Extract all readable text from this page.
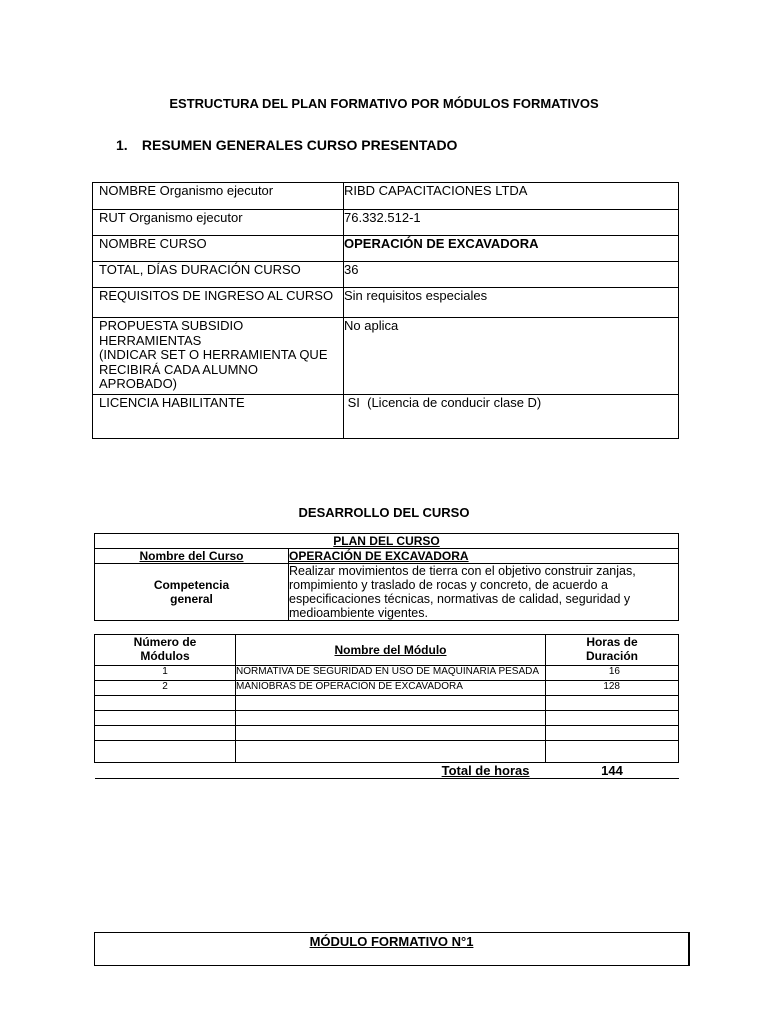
ESTRUCTURA DEL PLAN FORMATIVO POR MÓDULOS FORMATIVOS
1. RESUMEN GENERALES CURSO PRESENTADO
NOMBRE Organismo ejecutor	RIBD CAPACITACIONES LTDA
RUT Organismo ejecutor	76.332.512-1
NOMBRE CURSO	OPERACIÓN DE EXCAVADORA
TOTAL, DÍAS DURACIÓN CURSO	36
REQUISITOS DE INGRESO AL CURSO	Sin requisitos especiales
PROPUESTA SUBSIDIO HERRAMIENTAS
(INDICAR SET O HERRAMIENTA QUE RECIBIRÁ CADA ALUMNO APROBADO)	No aplica
LICENCIA HABILITANTE	SI  (Licencia de conducir clase D)
DESARROLLO DEL CURSO
PLAN DEL CURSO	
Nombre del Curso	OPERACIÓN DE EXCAVADORA
Competencia general	Realizar movimientos de tierra con el objetivo construir zanjas, rompimiento y traslado de rocas y concreto, de acuerdo a especificaciones técnicas, normativas de calidad, seguridad y medioambiente vigentes.
Número de Módulos	Nombre del Módulo	Horas de Duración
1	NORMATIVA DE SEGURIDAD EN USO DE MAQUINARIA PESADA	16
2	MANIOBRAS DE OPERACIÓN DE EXCAVADORA	128

Total de horas		144
MÓDULO FORMATIVO N°1
